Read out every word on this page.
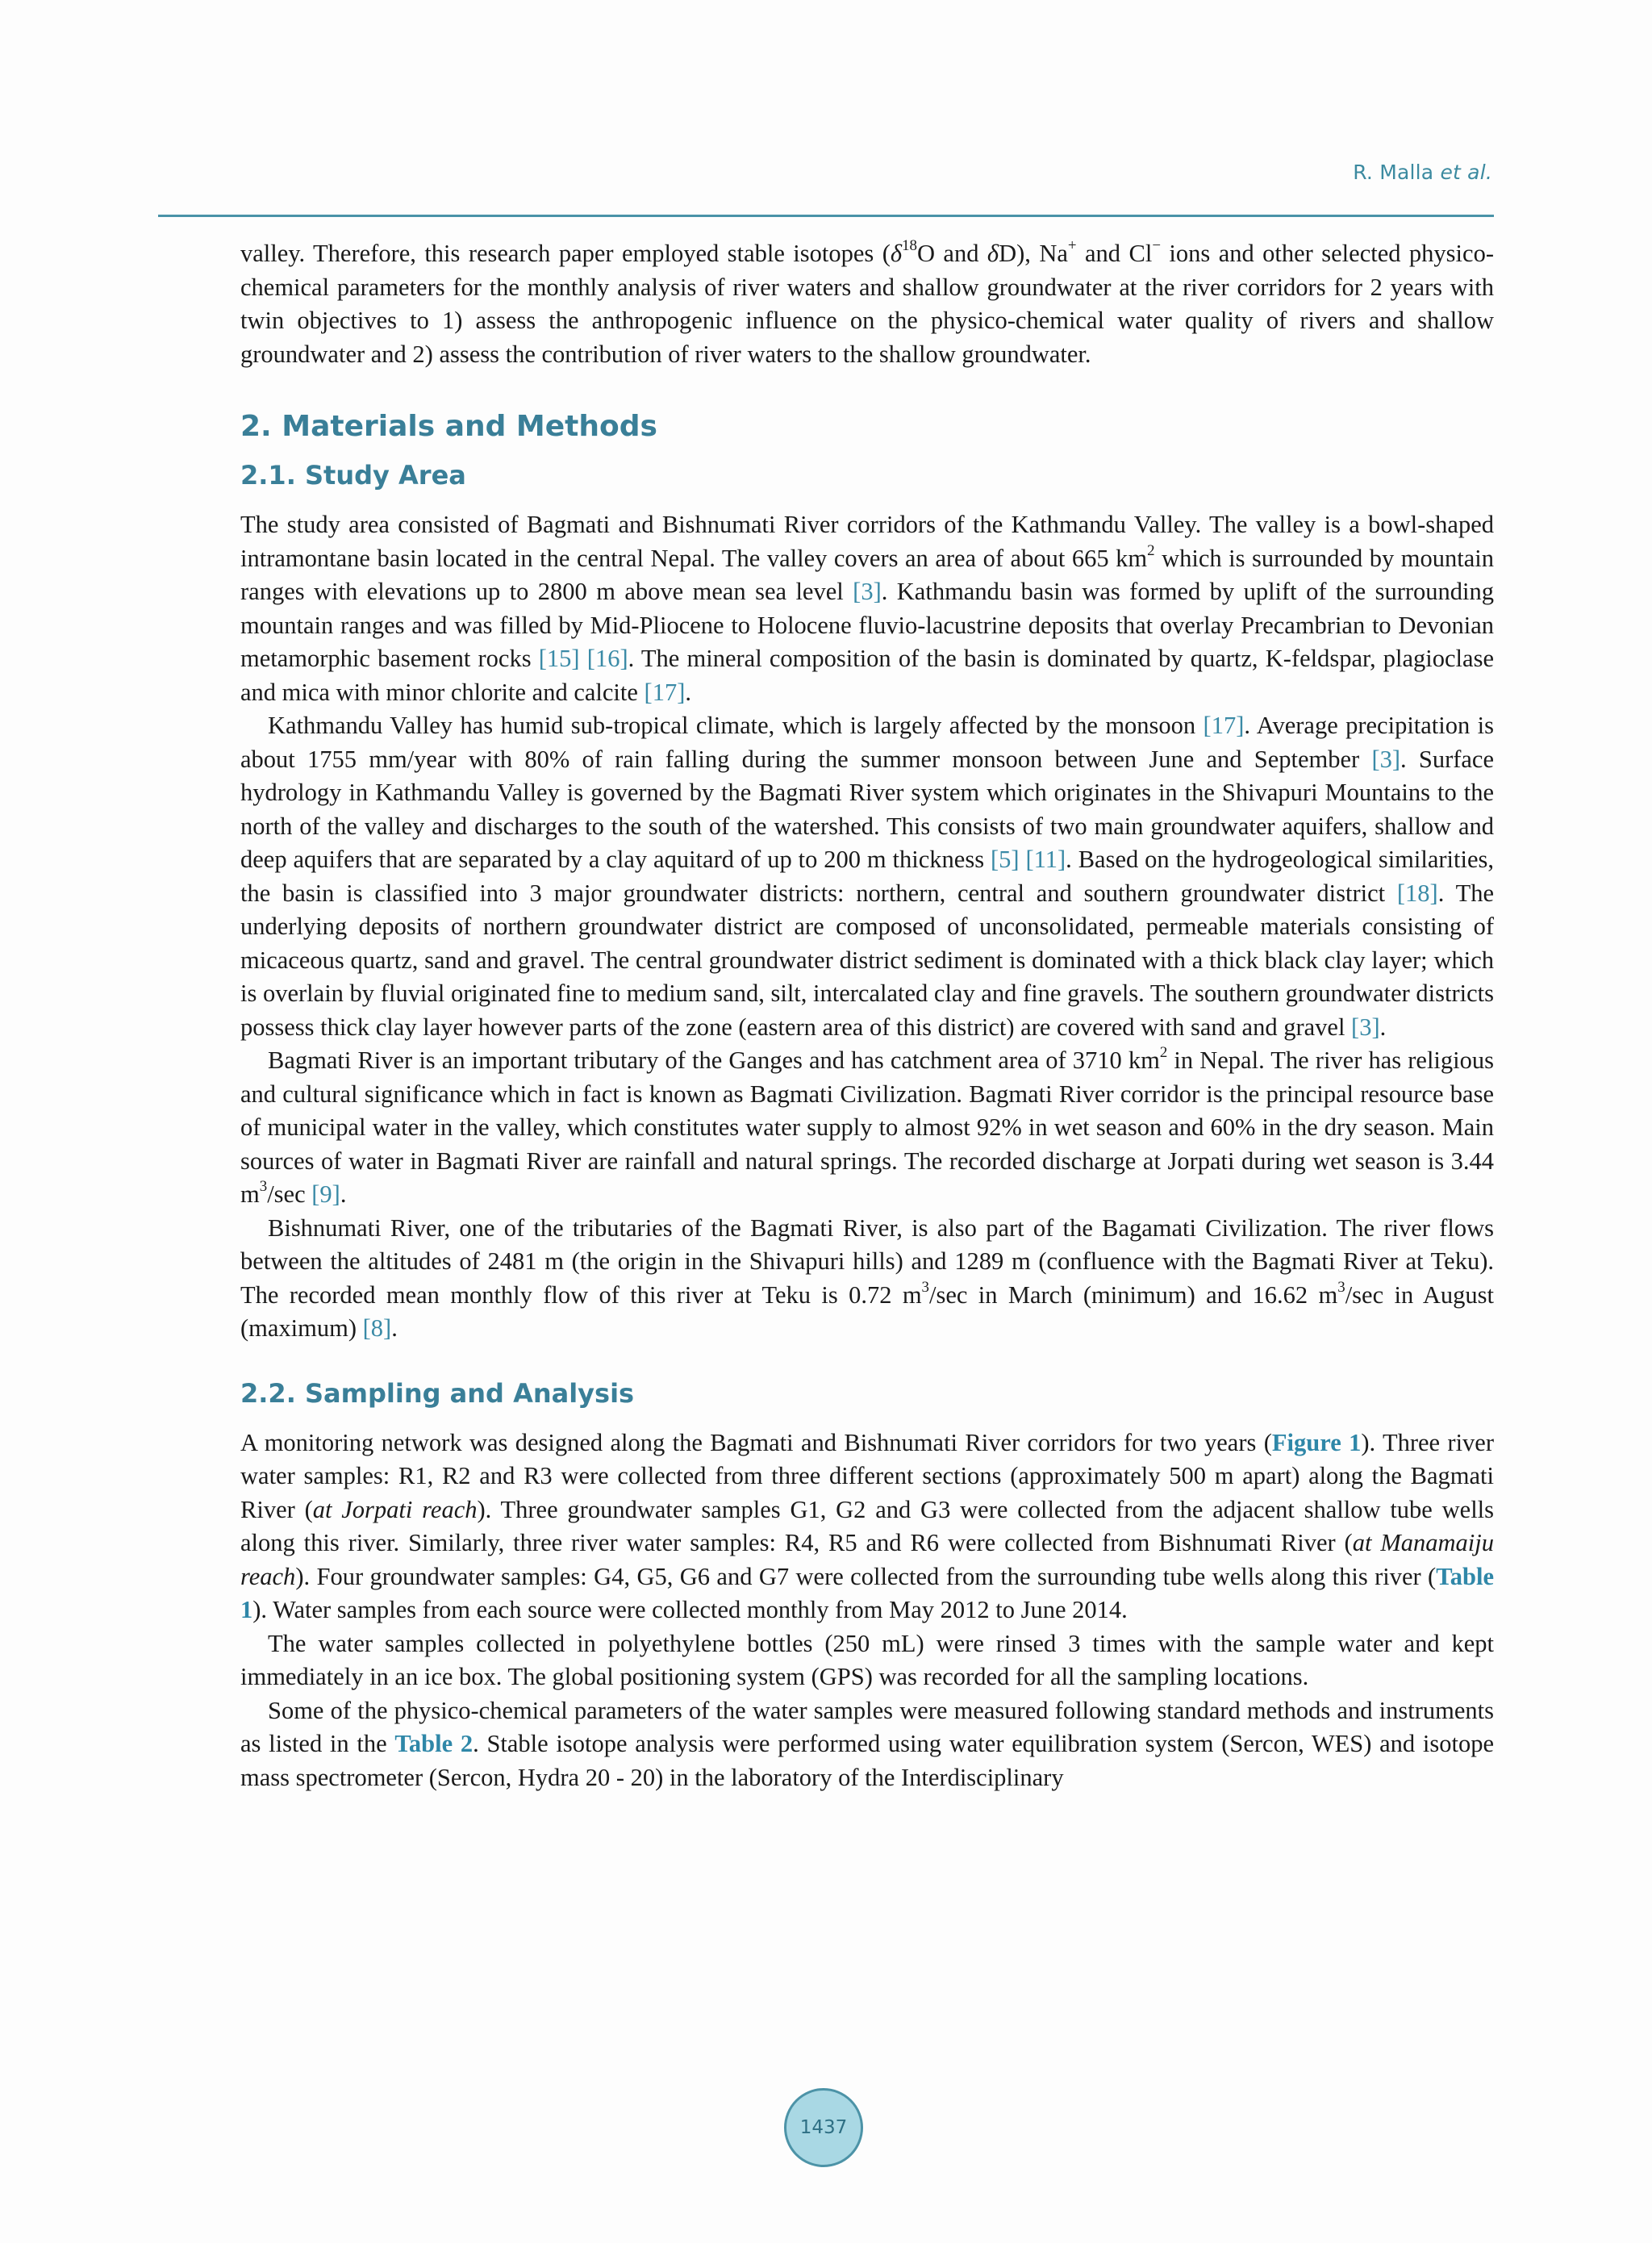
R. Malla et al.

valley. Therefore, this research paper employed stable isotopes ($\delta^{18}O$ and δD), Na+ and Cl− ions and other selected physico-chemical parameters for the monthly analysis of river waters and shallow groundwater at the river corridors for 2 years with twin objectives to 1) assess the anthropogenic influence on the physico-chemical water quality of rivers and shallow groundwater and 2) assess the contribution of river waters to the shallow groundwater.

2. Materials and Methods
2.1. Study Area

The study area consisted of Bagmati and Bishnumati River corridors of the Kathmandu Valley. The valley is a bowl-shaped intramontane basin located in the central Nepal. The valley covers an area of about 665 $km^2$ which is surrounded by mountain ranges with elevations up to 2800 m above mean sea level [3]. Kathmandu basin was formed by uplift of the surrounding mountain ranges and was filled by Mid-Pliocene to Holocene fluvio-lacustrine deposits that overlay Precambrian to Devonian metamorphic basement rocks [15] [16]. The mineral composition of the basin is dominated by quartz, K-feldspar, plagioclase and mica with minor chlorite and calcite [17].

Kathmandu Valley has humid sub-tropical climate, which is largely affected by the monsoon [17]. Average precipitation is about 1755 mm/year with 80% of rain falling during the summer monsoon between June and September [3]. Surface hydrology in Kathmandu Valley is governed by the Bagmati River system which originates in the Shivapuri Mountains to the north of the valley and discharges to the south of the watershed. This consists of two main groundwater aquifers, shallow and deep aquifers that are separated by a clay aquitard of up to 200 m thickness [5] [11]. Based on the hydrogeological similarities, the basin is classified into 3 major groundwater districts: northern, central and southern groundwater district [18]. The underlying deposits of northern groundwater district are composed of unconsolidated, permeable materials consisting of micaceous quartz, sand and gravel. The central groundwater district sediment is dominated with a thick black clay layer; which is overlain by fluvial originated fine to medium sand, silt, intercalated clay and fine gravels. The southern groundwater districts possess thick clay layer however parts of the zone (eastern area of this district) are covered with sand and gravel [3].

Bagmati River is an important tributary of the Ganges and has catchment area of 3710 $km^2$ in Nepal. The river has religious and cultural significance which in fact is known as Bagmati Civilization. Bagmati River corridor is the principal resource base of municipal water in the valley, which constitutes water supply to almost 92% in wet season and 60% in the dry season. Main sources of water in Bagmati River are rainfall and natural springs. The recorded discharge at Jorpati during wet season is 3.44 $m^3/\sec$ [9].

Bishnumati River, one of the tributaries of the Bagmati River, is also part of the Bagamati Civilization. The river flows between the altitudes of 2481 m (the origin in the Shivapuri hills) and 1289 m (confluence with the Bagmati River at Teku). The recorded mean monthly flow of this river at Teku is 0.72 $m^3/\sec$ in March (minimum) and 16.62 $m^3/\sec$ in August (maximum) [8].

2.2. Sampling and Analysis

A monitoring network was designed along the Bagmati and Bishnumati River corridors for two years (Figure 1). Three river water samples: R1, R2 and R3 were collected from three different sections (approximately 500 m apart) along the Bagmati River (at Jorpati reach). Three groundwater samples G1, G2 and G3 were collected from the adjacent shallow tube wells along this river. Similarly, three river water samples: R4, R5 and R6 were collected from Bishnumati River (at Manamaiju reach). Four groundwater samples: G4, G5, G6 and G7 were collected from the surrounding tube wells along this river (Table 1). Water samples from each source were collected monthly from May 2012 to June 2014.

The water samples collected in polyethylene bottles (250 mL) were rinsed 3 times with the sample water and kept immediately in an ice box. The global positioning system (GPS) was recorded for all the sampling locations.

Some of the physico-chemical parameters of the water samples were measured following standard methods and instruments as listed in the Table 2. Stable isotope analysis were performed using water equilibration system (Sercon, WES) and isotope mass spectrometer (Sercon, Hydra 20 - 20) in the laboratory of the Interdisciplinary

1437
